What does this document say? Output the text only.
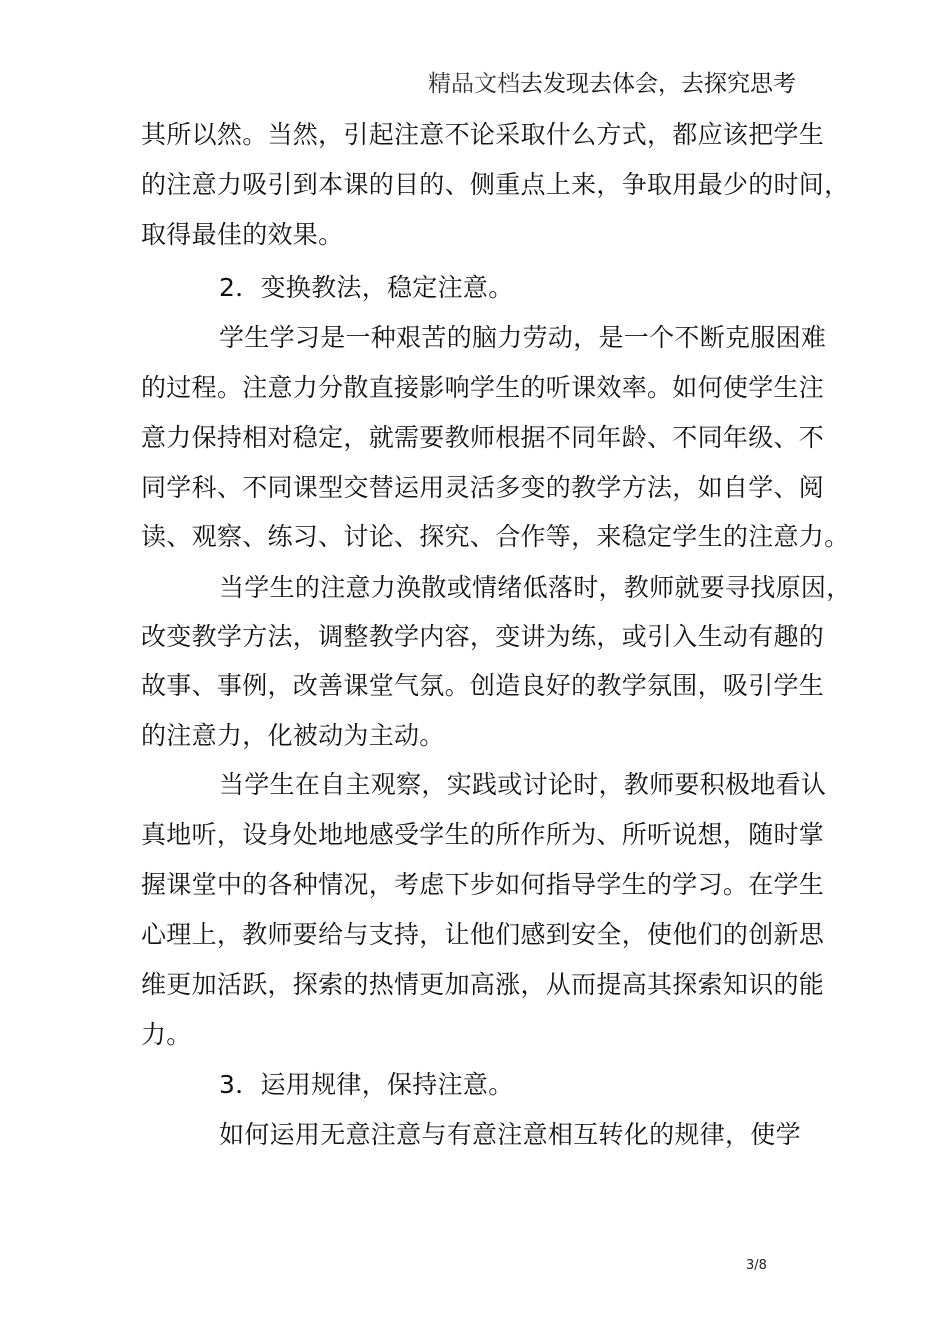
精品文档去发现去体会，去探究思考
其所以然。当然，引起注意不论采取什么方式，都应该把学生
的注意力吸引到本课的目的、侧重点上来，争取用最少的时间，
取得最佳的效果。
2．变换教法，稳定注意。
学生学习是一种艰苦的脑力劳动，是一个不断克服困难
的过程。注意力分散直接影响学生的听课效率。如何使学生注
意力保持相对稳定，就需要教师根据不同年龄、不同年级、不
同学科、不同课型交替运用灵活多变的教学方法，如自学、阅
读、观察、练习、讨论、探究、合作等，来稳定学生的注意力。
当学生的注意力涣散或情绪低落时，教师就要寻找原因，
改变教学方法，调整教学内容，变讲为练，或引入生动有趣的
故事、事例，改善课堂气氛。创造良好的教学氛围，吸引学生
的注意力，化被动为主动。
当学生在自主观察，实践或讨论时，教师要积极地看认
真地听，设身处地地感受学生的所作所为、所听说想，随时掌
握课堂中的各种情况，考虑下步如何指导学生的学习。在学生
心理上，教师要给与支持，让他们感到安全，使他们的创新思
维更加活跃，探索的热情更加高涨，从而提高其探索知识的能
力。
3．运用规律，保持注意。
如何运用无意注意与有意注意相互转化的规律，使学
3/8
